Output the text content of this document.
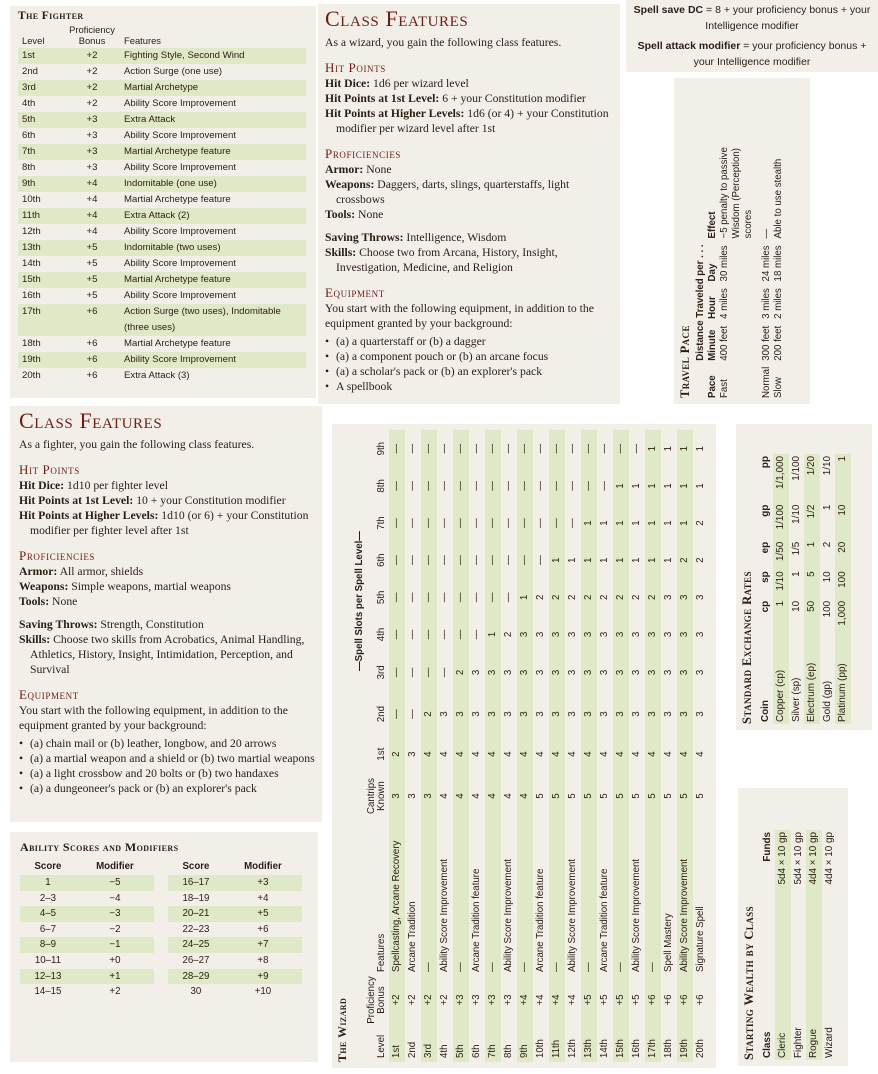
The Fighter
Level	Proficiency
Bonus	Features
1st	+2	Fighting Style, Second Wind
2nd	+2	Action Surge (one use)
3rd	+2	Martial Archetype
4th	+2	Ability Score Improvement
5th	+3	Extra Attack
6th	+3	Ability Score Improvement
7th	+3	Martial Archetype feature
8th	+3	Ability Score Improvement
9th	+4	Indomitable (one use)
10th	+4	Martial Archetype feature
11th	+4	Extra Attack (2)
12th	+4	Ability Score Improvement
13th	+5	Indomitable (two uses)
14th	+5	Ability Score Improvement
15th	+5	Martial Archetype feature
16th	+5	Ability Score Improvement
17th	+6	Action Surge (two uses), Indomitable
(three uses)
18th	+6	Martial Archetype feature
19th	+6	Ability Score Improvement
20th	+6	Extra Attack (3)
Class Features

As a wizard, you gain the following class features.

Hit Points

Hit Dice: 1d6 per wizard level

Hit Points at 1st Level: 6 + your Constitution modifier

Hit Points at Higher Levels: 1d6 (or 4) + your Constitution modifier per wizard level after 1st

Proficiencies

Armor: None

Weapons: Daggers, darts, slings, quarterstaffs, light crossbows

Tools: None

Saving Throws: Intelligence, Wisdom

Skills: Choose two from Arcana, History, Insight, Investigation, Medicine, and Religion

Equipment

You start with the following equipment, in addition to the equipment granted by your background:

• (a) a quarterstaff or (b) a dagger
• (a) a component pouch or (b) an arcane focus
• (a) a scholar's pack or (b) an explorer's pack
• A spellbook
Spell save DC = 8 + your proficiency bonus + your Intelligence modifier
Spell attack modifier = your proficiency bonus + your Intelligence modifier
Class Features

As a fighter, you gain the following class features.

Hit Points

Hit Dice: 1d10 per fighter level

Hit Points at 1st Level: 10 + your Constitution modifier

Hit Points at Higher Levels: 1d10 (or 6) + your Constitution modifier per fighter level after 1st

Proficiencies

Armor: All armor, shields

Weapons: Simple weapons, martial weapons

Tools: None

Saving Throws: Strength, Constitution

Skills: Choose two skills from Acrobatics, Animal Handling, Athletics, History, Insight, Intimidation, Perception, and Survival

Equipment

You start with the following equipment, in addition to the equipment granted by your background:

• (a) chain mail or (b) leather, longbow, and 20 arrows
• (a) a martial weapon and a shield or (b) two martial weapons
• (a) a light crossbow and 20 bolts or (b) two handaxes
• (a) a dungeoneer's pack or (b) an explorer's pack
Travel Pace
	Distance Traveled per . . .			
Pace	Minute	Hour	Day	Effect
Fast	400 feet	4 miles	30 miles	−5 penalty to passive Wisdom (Perception) scores
Normal	300 feet	3 miles	24 miles	—
Slow	200 feet	2 miles	18 miles	Able to use stealth
The Wizard
				—Spell Slots per Spell Level—								
Level	Proficiency
Bonus	Features	Cantrips
Known	1st	2nd	3rd	4th	5th	6th	7th	8th	9th
1st	+2	Spellcasting, Arcane Recovery	3	2	—	—	—	—	—	—	—	—
2nd	+2	Arcane Tradition	3	3	—	—	—	—	—	—	—	—
3rd	+2	—	3	4	2	—	—	—	—	—	—	—
4th	+2	Ability Score Improvement	4	4	3	—	—	—	—	—	—	—
5th	+3	—	4	4	3	2	—	—	—	—	—	—
6th	+3	Arcane Tradition feature	4	4	3	3	—	—	—	—	—	—
7th	+3	—	4	4	3	3	1	—	—	—	—	—
8th	+3	Ability Score Improvement	4	4	3	3	2	—	—	—	—	—
9th	+4	—	4	4	3	3	3	1	—	—	—	—
10th	+4	Arcane Tradition feature	5	4	3	3	3	2	—	—	—	—
11th	+4	—	5	4	3	3	3	2	1	—	—	—
12th	+4	Ability Score Improvement	5	4	3	3	3	2	1	—	—	—
13th	+5	—	5	4	3	3	3	2	1	1	—	—
14th	+5	Arcane Tradition feature	5	4	3	3	3	2	1	1	—	—
15th	+5	—	5	4	3	3	3	2	1	1	1	—
16th	+5	Ability Score Improvement	5	4	3	3	3	2	1	1	1	—
17th	+6	—	5	4	3	3	3	2	1	1	1	1
18th	+6	Spell Mastery	5	4	3	3	3	3	1	1	1	1
19th	+6	Ability Score Improvement	5	4	3	3	3	3	2	1	1	1
20th	+6	Signature Spell	5	4	3	3	3	3	2	2	1	1
Standard Exchange Rates Coin	cp	sp	ep	gp	pp
Copper (cp)	1	1/10	1/50	1/100	1/1,000
Silver (sp)	10	1	1/5	1/10	1/100
Electrum (ep)	50	5	1	1/2	1/20
Gold (gp)	100	10	2	1	1/10
Platinum (pp)	1,000	100	20	10	1
Starting Wealth by Class Class	Funds
Cleric	5d4 × 10 gp
Fighter	5d4 × 10 gp
Rogue	4d4 × 10 gp
Wizard	4d4 × 10 gp
Ability Scores and Modifiers
Score	Modifier
1	−5
2–3	−4
4–5	−3
6–7	−2
8–9	−1
10–11	+0
12–13	+1
14–15	+2
Score	Modifier
16–17	+3
18–19	+4
20–21	+5
22–23	+6
24–25	+7
26–27	+8
28–29	+9
30	+10
